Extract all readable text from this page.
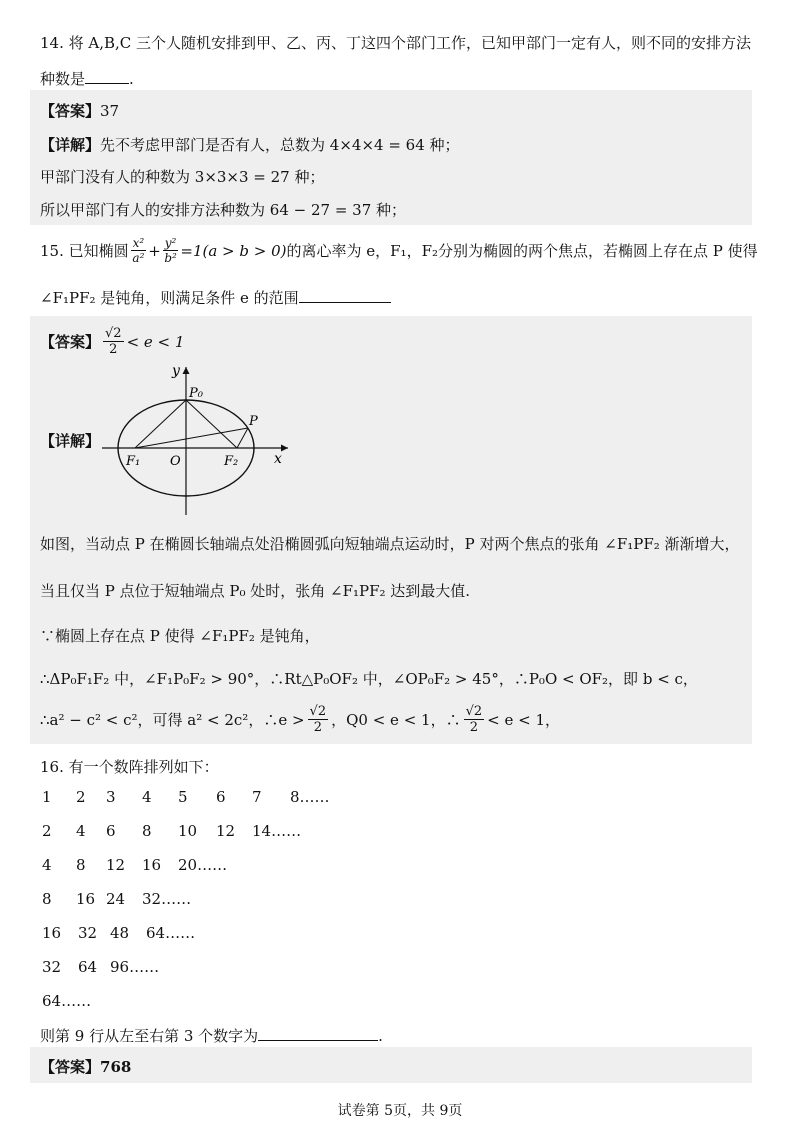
14. 将 A,B,C 三个人随机安排到甲、乙、丙、丁这四个部门工作，已知甲部门一定有人，则不同的安排方法
种数是	.
【答案】37
【详解】先不考虑甲部门是否有人，总数为 4×4×4 = 64 种；
甲部门没有人的种数为 3×3×3 = 27 种；
所以甲部门有人的安排方法种数为 64 − 27 = 37 种；
15. 已知椭圆 $\frac{\text{x²}}{\text{a²}} + \frac{\text{y²}}{\text{b²}} =1(a > b > 0)$ 的离心率为 e，F₁，F₂分别为椭圆的两个焦点，若椭圆上存在点 P 使得
∠F₁PF₂ 是钝角，则满足条件 e 的范围
【答案】 $\frac{√2}{2} < e < 1$
【详解】
y
x
P₀
P
F₁ O	F₂
如图，当动点 P 在椭圆长轴端点处沿椭圆弧向短轴端点运动时，P 对两个焦点的张角 ∠F₁PF₂ 渐渐增大，
当且仅当 P 点位于短轴端点 P₀ 处时，张角 ∠F₁PF₂ 达到最大值.
∵椭圆上存在点 P 使得 ∠F₁PF₂ 是钝角，
∴ΔP₀F₁F₂ 中，∠F₁P₀F₂ > 90°，∴Rt△P₀OF₂ 中，∠OP₀F₂ > 45°，∴P₀O < OF₂，即 b < c，
∴a² − c² < c²，可得 a² < 2c²，∴e > $\frac{√2}{2}$ ，Q0 < e < 1，∴ $\frac{√2}{2} < e < 1$，
16. 有一个数阵排列如下：
1 2 3 4 5 6 7 8……
2 4 6 8 10 12 14……
4 8 12 16 20……
8 16 24 32……
16 32 48 64……
32 64 96……
64……
则第 9 行从左至右第 3 个数字为	.
【答案】768
试卷第 5页，共 9页
